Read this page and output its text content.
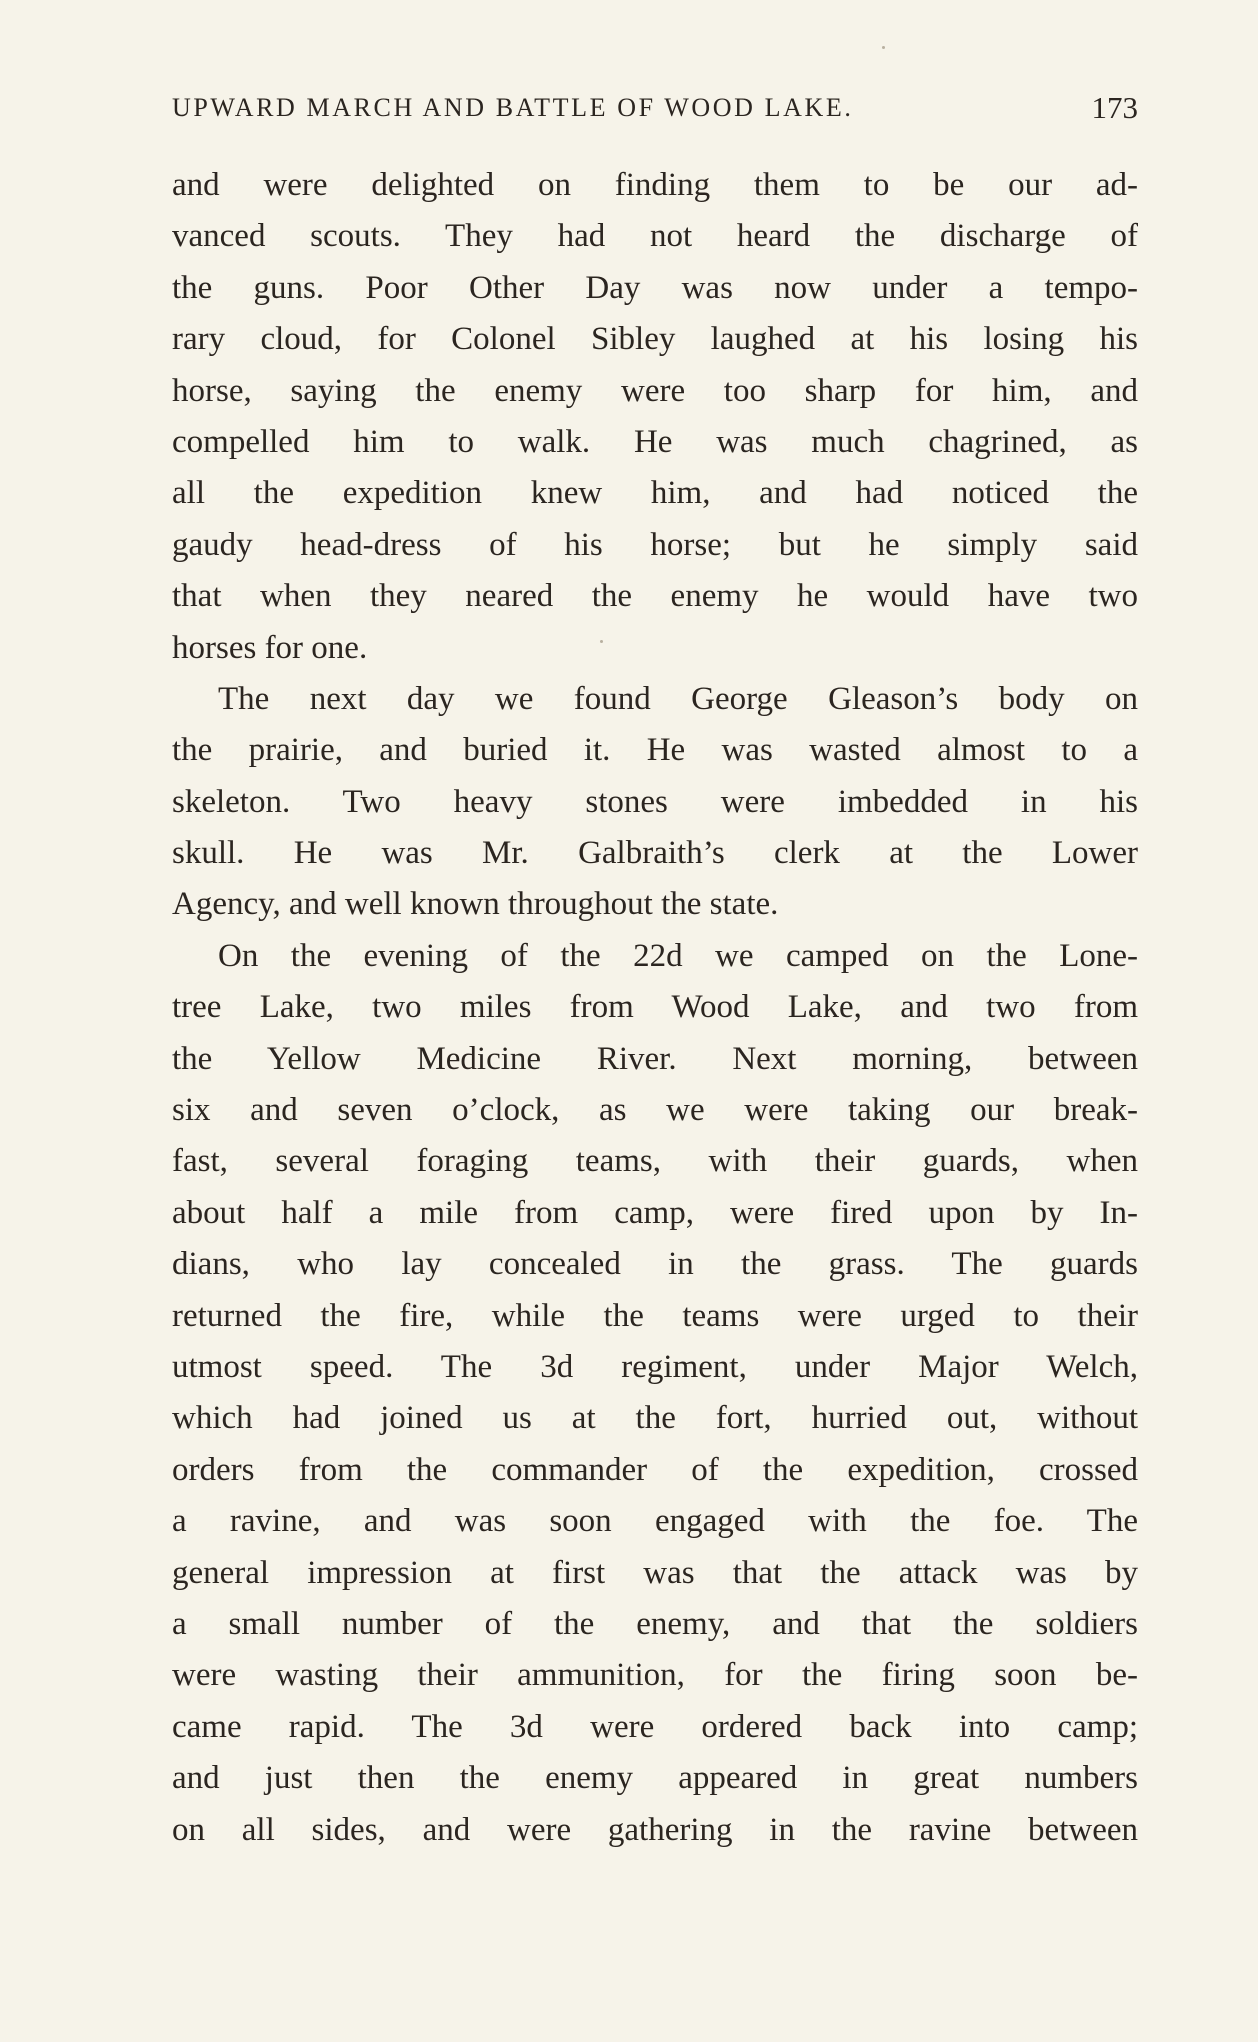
UPWARD MARCH AND BATTLE OF WOOD LAKE.	173
and were delighted on finding them to be our ad-
vanced scouts. They had not heard the discharge of
the guns. Poor Other Day was now under a tempo-
rary cloud, for Colonel Sibley laughed at his losing his
horse, saying the enemy were too sharp for him, and
compelled him to walk. He was much chagrined, as
all the expedition knew him, and had noticed the
gaudy head-dress of his horse; but he simply said
that when they neared the enemy he would have two
horses for one.
The next day we found George Gleason’s body on
the prairie, and buried it. He was wasted almost to a
skeleton. Two heavy stones were imbedded in his
skull. He was Mr. Galbraith’s clerk at the Lower
Agency, and well known throughout the state.
On the evening of the 22d we camped on the Lone-
tree Lake, two miles from Wood Lake, and two from
the Yellow Medicine River. Next morning, between
six and seven o’clock, as we were taking our break-
fast, several foraging teams, with their guards, when
about half a mile from camp, were fired upon by In-
dians, who lay concealed in the grass. The guards
returned the fire, while the teams were urged to their
utmost speed. The 3d regiment, under Major Welch,
which had joined us at the fort, hurried out, without
orders from the commander of the expedition, crossed
a ravine, and was soon engaged with the foe. The
general impression at first was that the attack was by
a small number of the enemy, and that the soldiers
were wasting their ammunition, for the firing soon be-
came rapid. The 3d were ordered back into camp;
and just then the enemy appeared in great numbers
on all sides, and were gathering in the ravine between
